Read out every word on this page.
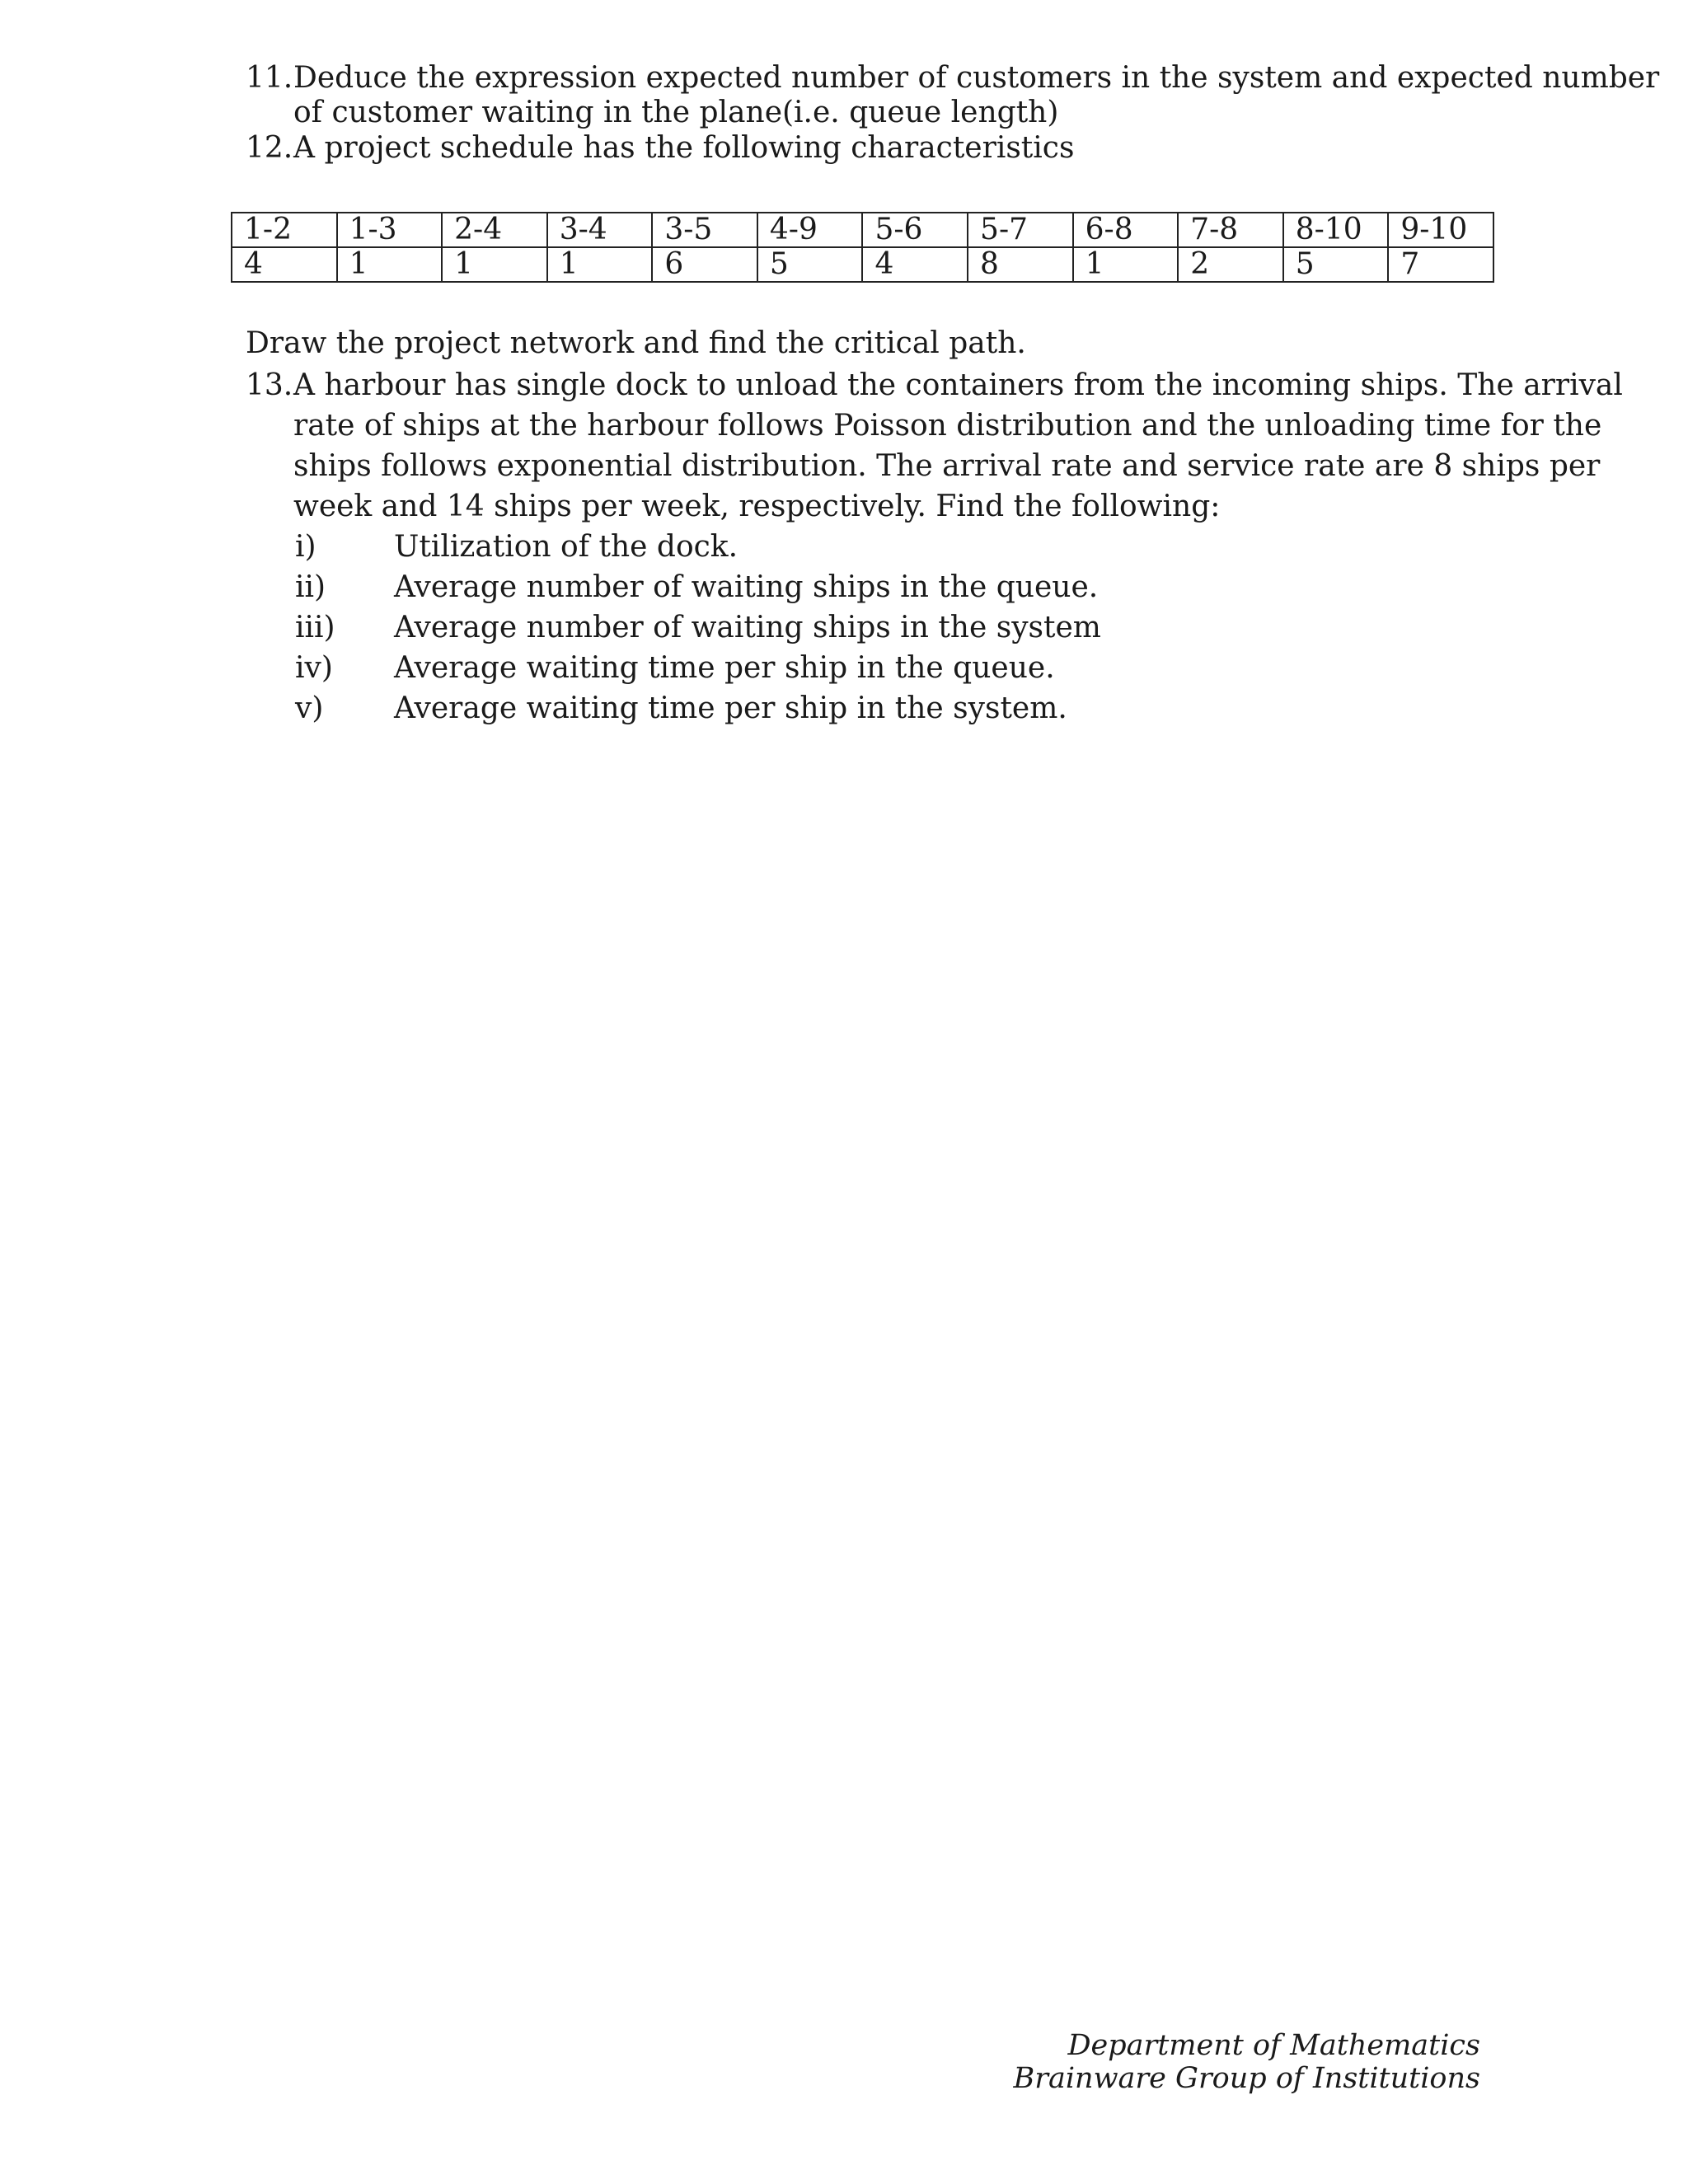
11.Deduce the expression expected number of customers in the system and expected number
of customer waiting in the plane(i.e. queue length)
12.A project schedule has the following characteristics
1-2	1-3	2-4	3-4	3-5	4-9	5-6	5-7	6-8	7-8	8-10	9-10
4	1	1	1	6	5	4	8	1	2	5	7
Draw the project network and find the critical path.
13.A harbour has single dock to unload the containers from the incoming ships. The arrival
rate of ships at the harbour follows Poisson distribution and the unloading time for the
ships follows exponential distribution. The arrival rate and service rate are 8 ships per
week and 14 ships per week, respectively. Find the following:
i)	Utilization of the dock.
ii) Average number of waiting ships in the queue.
iii) Average number of waiting ships in the system
iv) Average waiting time per ship in the queue.
v) Average waiting time per ship in the system.
Department of Mathematics
Brainware Group of Institutions
